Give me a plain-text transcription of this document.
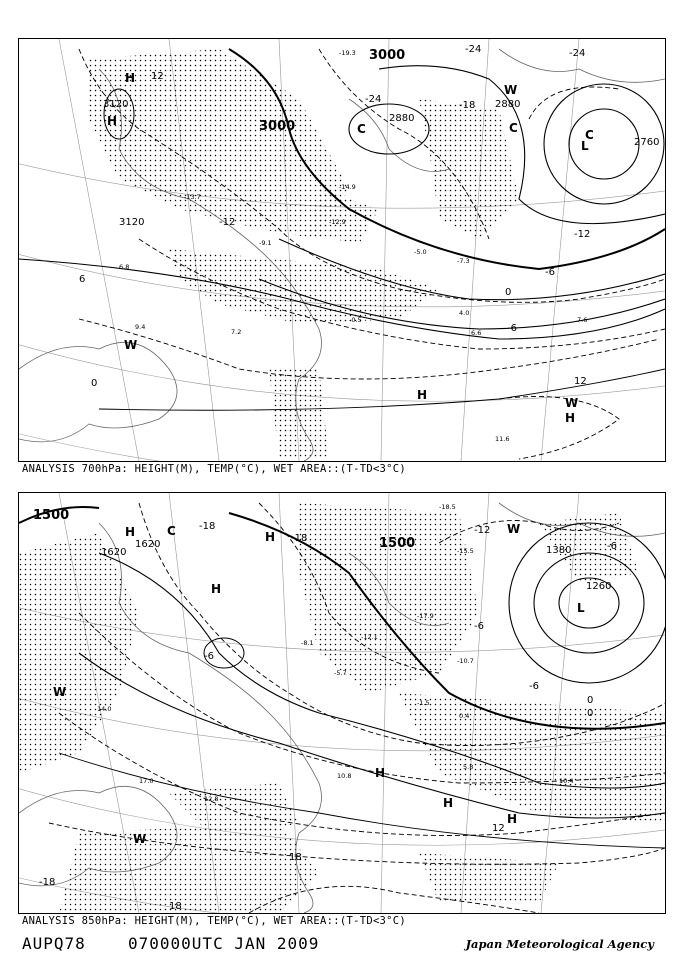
-19.3
-13.7
-14.9
-12.9
-9.1
-5.0
-7.3
-0.5
4.0
6.6
7.6
7.2
9.4
6.8
11.6
3120
3000
3000
2880
2880
2760
3120
12
-12
-18
-24
-24	-24
-12
-6
0
-6
6
12
0
H
H
C	C
L
C
W
W
H
H
W
ANALYSIS 700hPa: HEIGHT(M), TEMP(°C), WET AREA::(T-TD<3°C)
-18.5
-15.5
-12.1
-17.9
-10.7
-8.1
-5.7
-1.5
0.4
5.8
10.4
10.8
12.8
14.0
17.0
1500
1620
1620	1500	1380
1260
-18
-6
0
-12
-18
-6
0
-6
12
18
18
-18
-6
H	H
C
H
L
W
W
H
H
H
W
ANALYSIS 850hPa: HEIGHT(M), TEMP(°C), WET AREA::(T-TD<3°C)
AUPQ78	070000UTC JAN 2009	Japan Meteorological Agency
